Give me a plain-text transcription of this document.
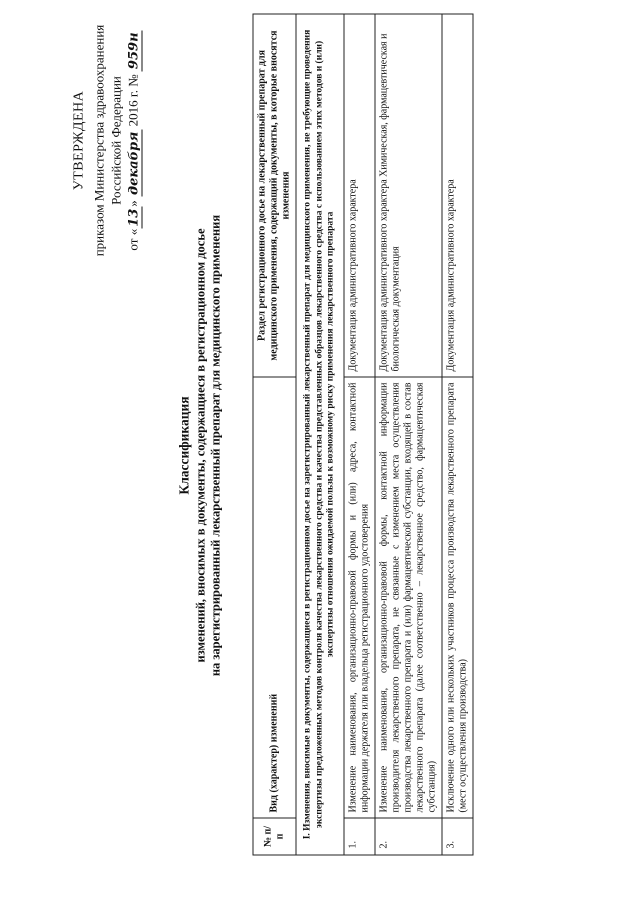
УТВЕРЖДЕНА приказом Министерства здравоохранения Российской Федерации
от «13» декабря 2016 г. № 959н
Классификация изменений, вносимых в документы, содержащиеся в регистрационном досье на зарегистрированный лекарственный препарат для медицинского применения
№ п/п	Вид (характер) изменений	Раздел регистрационного досье на лекарственный препарат для медицинского применения, содержащий документы, в которые вносятся изменения
I. Изменения, вносимые в документы, содержащиеся в регистрационном досье на зарегистрированный лекарственный препарат для медицинского применения, не требующие проведения экспертизы предложенных методов контроля качества лекарственного средства и качества представленных образцов лекарственного средства с использованием этих методов и (или) экспертизы отношения ожидаемой пользы к возможному риску применения лекарственного препарата		
1.	Изменение наименования, организационно-правовой формы и (или) адреса, контактной информации держателя или владельца регистрационного удостоверения	Документация административного характера
2.	Изменение наименования, организационно-правовой формы, контактной информации производителя лекарственного препарата, не связанные с изменением места осуществления производства лекарственного препарата и (или) фармацевтической субстанции, входящей в состав лекарственного препарата (далее соответственно – лекарственное средство, фармацевтическая субстанция)	Документация административного характера Химическая, фармацевтическая и биологическая документация
3.	Исключение одного или нескольких участников процесса производства лекарственного препарата (мест осуществления производства)	Документация административного характера
